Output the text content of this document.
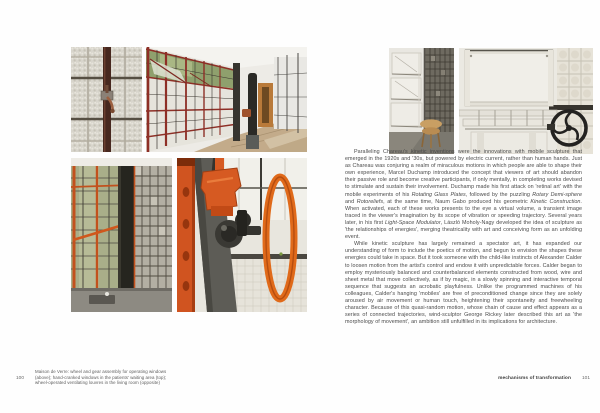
Maison de Verre: wheel and gear assembly for operating windows
(above); hand-cranked windows in the patients' waiting area (top);
wheel-operated ventilating louvres in the living room (opposite)
100

Paralleling Chareau's kinetic inventions were the innovations with mobile sculpture that emerged in the 1920s and '30s, but powered by electric current, rather than human hands. Just as Chareau was conjuring a realm of miraculous motions in which people are able to shape their own experience, Marcel Duchamp introduced the concept that viewers of art should abandon their passive role and become creative participants, if only mentally, in completing works devised to stimulate and sustain their involvement. Duchamp made his first attack on 'retinal art' with the mobile experiments of his Rotating Glass Plates, followed by the puzzling Rotary Demi-sphere and Rotoreliefs, at the same time, Naum Gabo produced his geometric Kinetic Construction. When activated, each of these works presents to the eye a virtual volume, a transient image traced in the viewer's imagination by its scope of vibration or speeding trajectory. Several years later, in his first Light-Space Modulator, László Moholy-Nagy developed the idea of sculpture as 'the relationships of energies', merging theatricality with art and conceiving form as an unfolding event.

While kinetic sculpture has largely remained a spectator art, it has expanded our understanding of form to include the poetics of motion, and begun to envision the shapes these energies could take in space. But it took someone with the child-like instincts of Alexander Calder to loosen motion from the artist's control and endow it with unpredictable forces. Calder began to employ mysteriously balanced and counterbalanced elements constructed from wood, wire and sheet metal that move collectively, as if by magic, in a slowly spinning and interactive temporal sequence that suggests an acrobatic playfulness. Unlike the programmed machines of his colleagues, Calder's hanging 'mobiles' are free of preconditioned change since they are solely aroused by air movement or human touch, heightening their spontaneity and freewheeling character. Because of this quasi-random motion, whose chain of cause and effect appears as a series of connected trajectories, wind-sculptor George Rickey later described this art as 'the morphology of movement', an ambition still unfulfilled in its implications for architecture.

mechanisms of transformation 101
